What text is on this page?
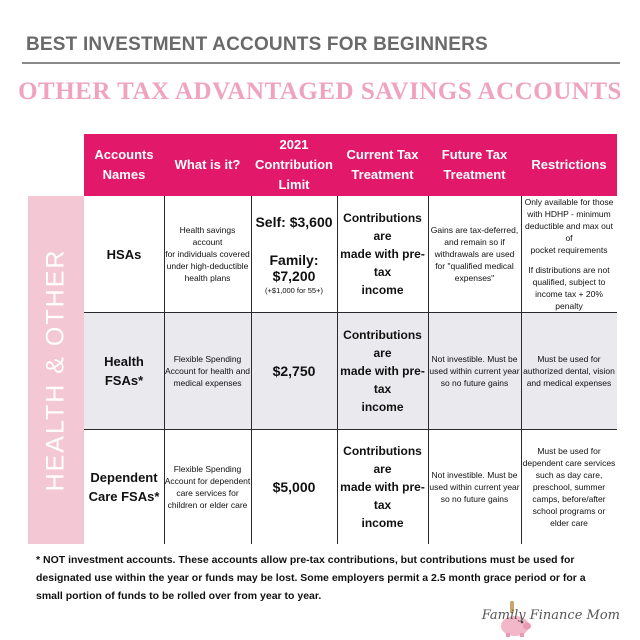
BEST INVESTMENT ACCOUNTS FOR BEGINNERS
OTHER TAX ADVANTAGED SAVINGS ACCOUNTS
HEALTH & OTHER
Accounts
Names
What is it?
2021
Contribution
Limit
Current Tax
Treatment
Future Tax
Treatment
Restrictions
HSAs
Health savings account
for individuals covered
under high-deductible
health plans
Self: $3,600
Family: $7,200
(+$1,000 for 55+)
Contributions are
made with pre-tax
income
Gains are tax-deferred,
and remain so if
withdrawals are used
for "qualified medical
expenses"
Only available for those
with HDHP - minimum
deductible and max out of
pocket requirements
If distributions are not
qualified, subject to
income tax + 20% penalty
Health FSAs*
Flexible Spending
Account for health and
medical expenses
$2,750
Contributions are
made with pre-tax
income
Not investible. Must be
used within current year
so no future gains
Must be used for
authorized dental, vision
and medical expenses
Dependent
Care FSAs*
Flexible Spending
Account for dependent
care services for
children or elder care
$5,000
Contributions are
made with pre-tax
income
Not investible. Must be
used within current year
so no future gains
Must be used for
dependent care services
such as day care,
preschool, summer
camps, before/after
school programs or
elder care
* NOT investment accounts. These accounts allow pre-tax contributions, but contributions must be used for designated use within the year or funds may be lost. Some employers permit a 2.5 month grace period or for a small portion of funds to be rolled over from year to year.
Family Finance Mom
